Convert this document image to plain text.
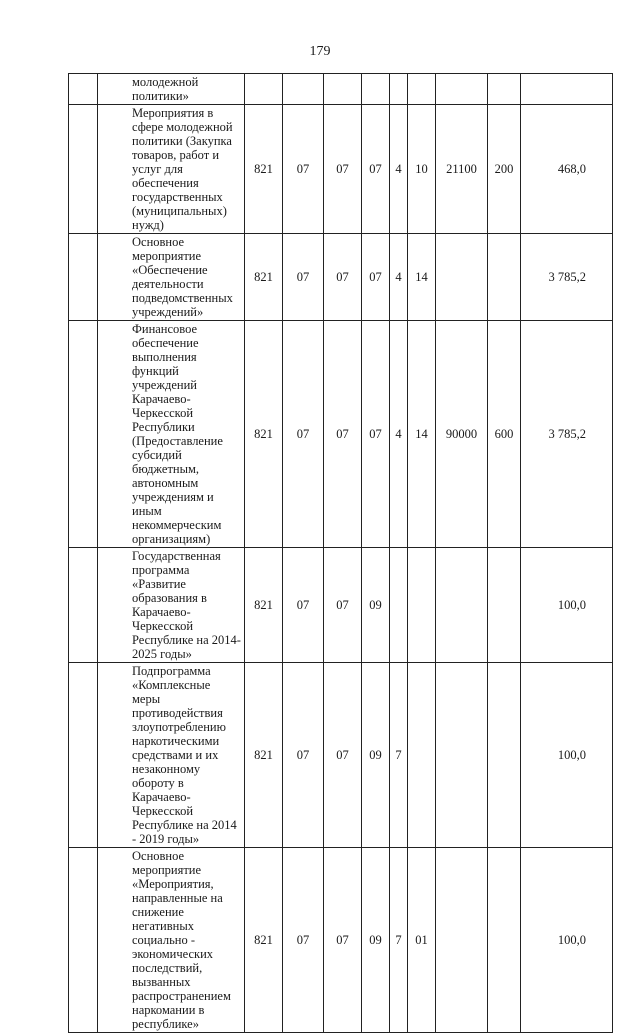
179
	молодежной политики»									
	Мероприятия в сфере молодежной политики (Закупка товаров, работ и услуг для обеспечения государственных (муниципальных) нужд)	821	07	07	07	4	10	21100	200	468,0
	Основное мероприятие «Обеспечение деятельности подведомственных учреждений»	821	07	07	07	4	14			3 785,2
	Финансовое обеспечение выполнения функций учреждений Карачаево-Черкесской Республики (Предоставление субсидий бюджетным, автономным учреждениям и иным некоммерческим организациям)	821	07	07	07	4	14	90000	600	3 785,2
	Государственная программа «Развитие образования в Карачаево-Черкесской Республике на 2014-2025 годы»	821	07	07	09					100,0
	Подпрограмма «Комплексные меры противодействия злоупотреблению наркотическими средствами и их незаконному обороту в Карачаево-Черкесской Республике на 2014 - 2019 годы»	821	07	07	09	7				100,0
	Основное мероприятие «Мероприятия, направленные на снижение негативных социально - экономических последствий, вызванных распространением наркомании в республике»	821	07	07	09	7	01			100,0
